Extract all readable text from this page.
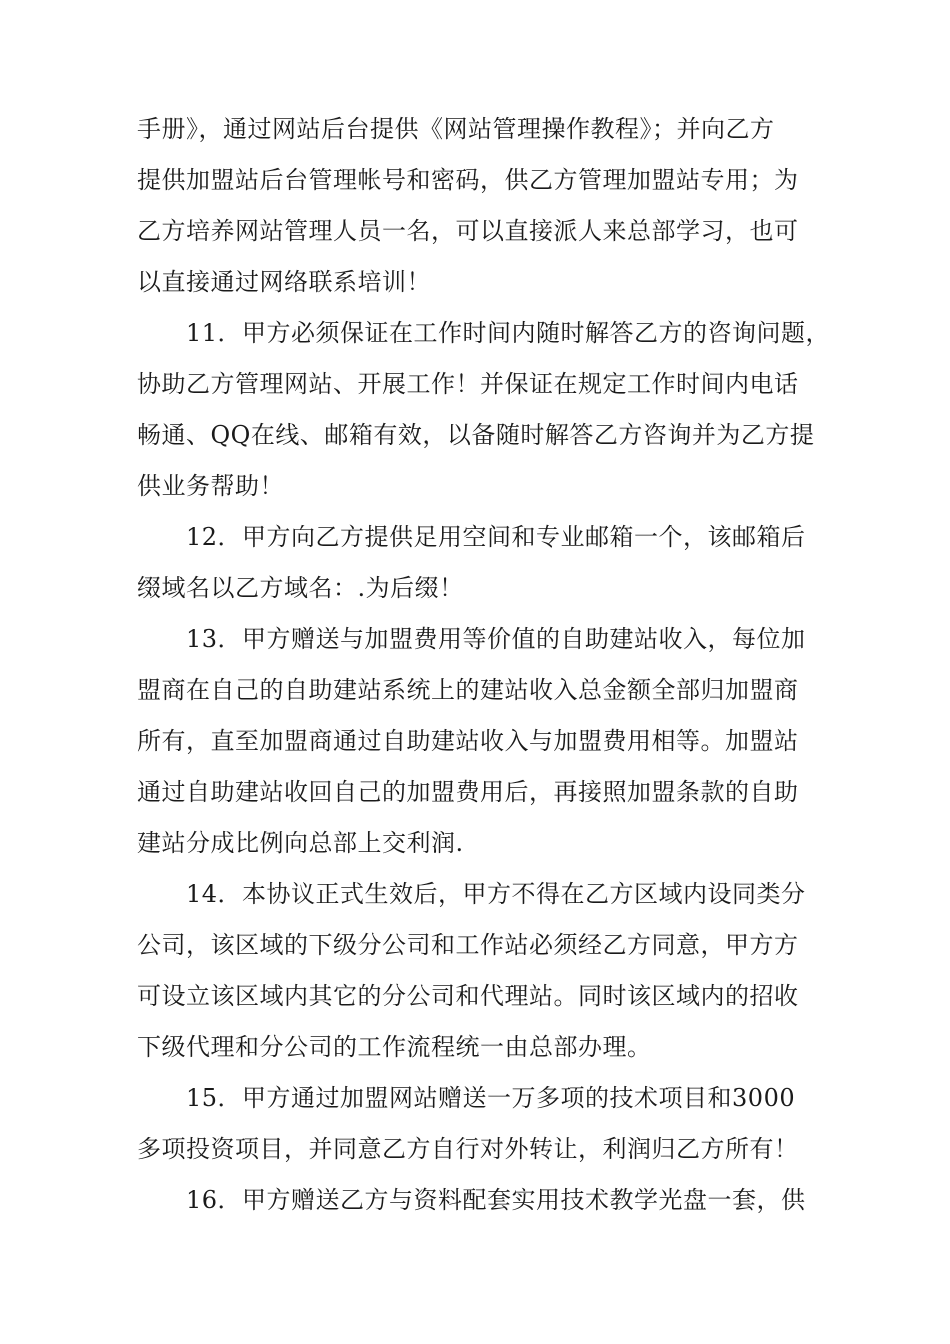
手册》，通过网站后台提供《网站管理操作教程》；并向乙方
提供加盟站后台管理帐号和密码，供乙方管理加盟站专用；为
乙方培养网站管理人员一名，可以直接派人来总部学习，也可
以直接通过网络联系培训！
11．甲方必须保证在工作时间内随时解答乙方的咨询问题，
协助乙方管理网站、开展工作！并保证在规定工作时间内电话
畅通、QQ在线、邮箱有效，以备随时解答乙方咨询并为乙方提
供业务帮助！
12．甲方向乙方提供足用空间和专业邮箱一个，该邮箱后
缀域名以乙方域名：.为后缀！
13．甲方赠送与加盟费用等价值的自助建站收入，每位加
盟商在自己的自助建站系统上的建站收入总金额全部归加盟商
所有，直至加盟商通过自助建站收入与加盟费用相等。加盟站
通过自助建站收回自己的加盟费用后，再接照加盟条款的自助
建站分成比例向总部上交利润.
14．本协议正式生效后，甲方不得在乙方区域内设同类分
公司，该区域的下级分公司和工作站必须经乙方同意，甲方方
可设立该区域内其它的分公司和代理站。同时该区域内的招收
下级代理和分公司的工作流程统一由总部办理。
15．甲方通过加盟网站赠送一万多项的技术项目和3000
多项投资项目，并同意乙方自行对外转让，利润归乙方所有！
16．甲方赠送乙方与资料配套实用技术教学光盘一套，供
